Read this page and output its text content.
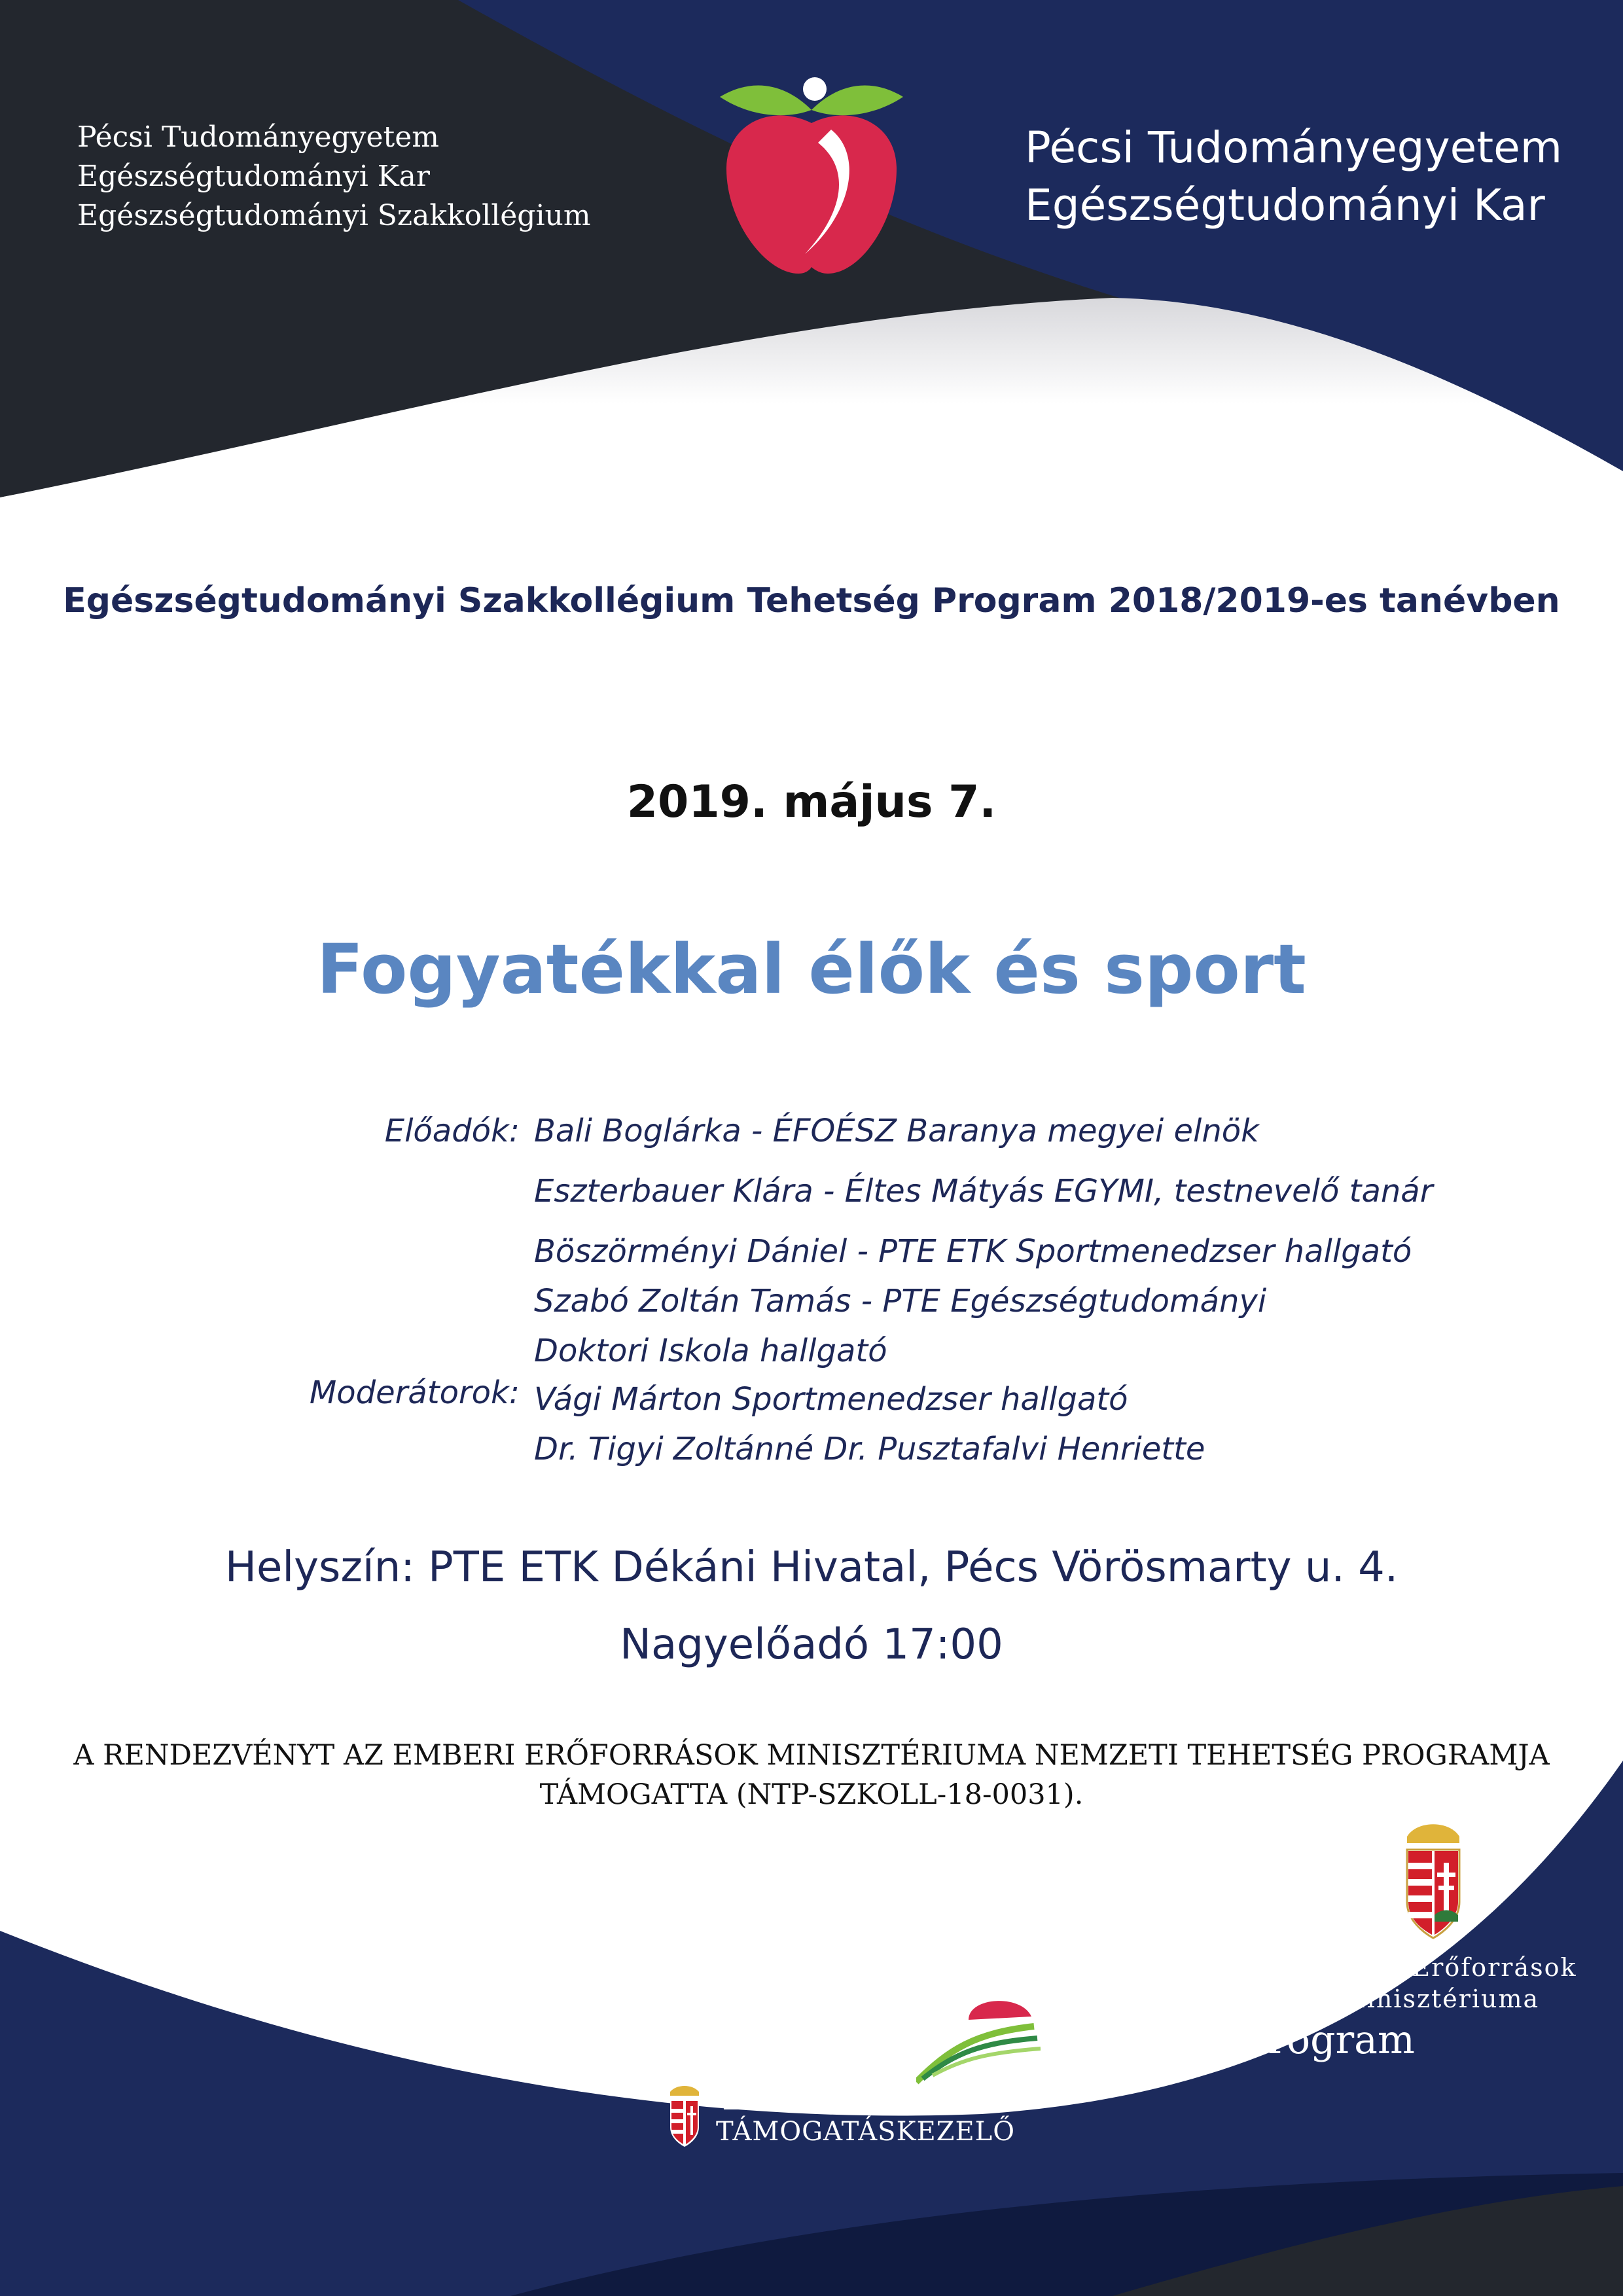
Pécsi Tudományegyetem
Egészségtudományi Kar
Egészségtudományi Szakkollégium
Pécsi Tudományegyetem
Egészségtudományi Kar
Egészségtudományi Szakkollégium Tehetség Program 2018/2019-es tanévben
2019. május 7.
Fogyatékkal élők és sport
Előadók: Bali Boglárka - ÉFOÉSZ Baranya megyei elnök
Eszterbauer Klára - Éltes Mátyás EGYMI, testnevelő tanár
Böszörményi Dániel - PTE ETK Sportmenedzser hallgató
Szabó Zoltán Tamás - PTE Egészségtudományi
Doktori Iskola hallgató
Moderátorok: Vági Márton Sportmenedzser hallgató
Dr. Tigyi Zoltánné Dr. Pusztafalvi Henriette
Helyszín: PTE ETK Dékáni Hivatal, Pécs Vörösmarty u. 4.
Nagyelőadó 17:00
A RENDEZVÉNYT AZ EMBERI ERŐFORRÁSOK MINISZTÉRIUMA NEMZETI TEHETSÉG PROGRAMJA
TÁMOGATTA (NTP-SZKOLL-18-0031).
Emberi Erőforrások
Minisztériuma
Nemzeti
Tehetség Program
EMBERI ERŐFORRÁS
TÁMOGATÁSKEZELŐ
